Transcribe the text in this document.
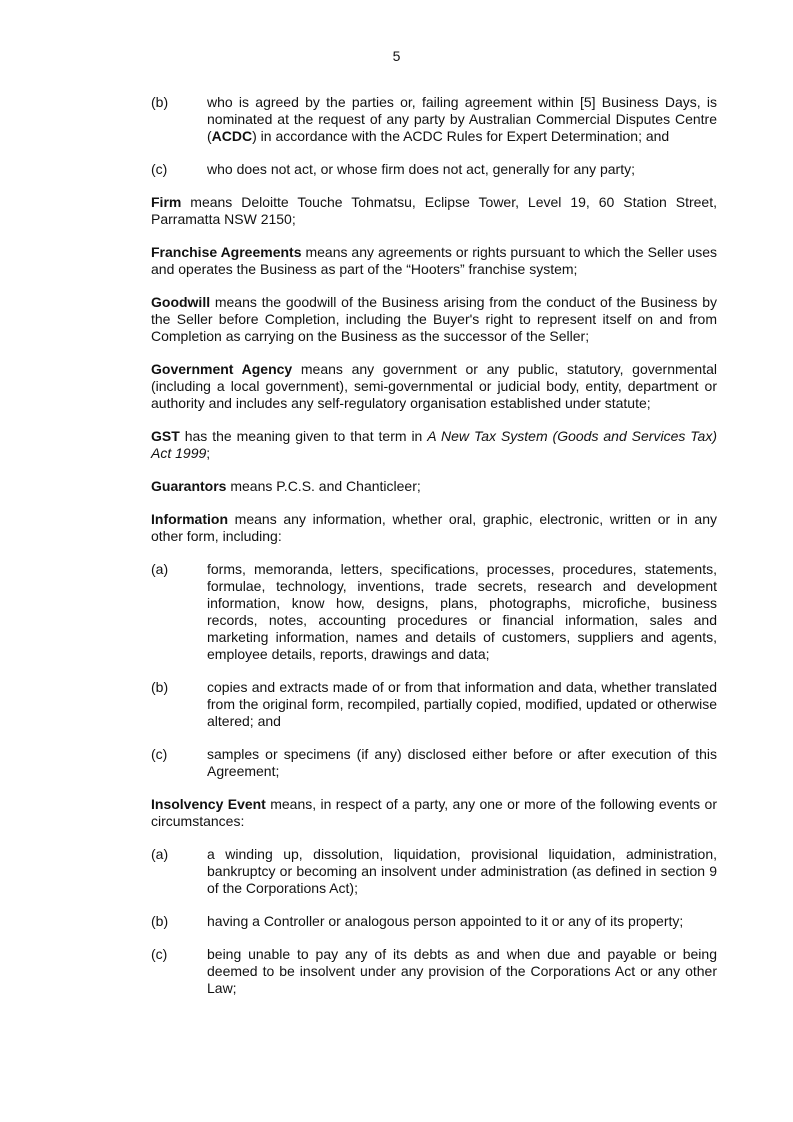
5
(b)	who is agreed by the parties or, failing agreement within [5] Business Days, is nominated at the request of any party by Australian Commercial Disputes Centre (ACDC) in accordance with the ACDC Rules for Expert Determination; and
(c)	who does not act, or whose firm does not act, generally for any party;

Firm means Deloitte Touche Tohmatsu, Eclipse Tower, Level 19, 60 Station Street, Parramatta NSW 2150;

Franchise Agreements means any agreements or rights pursuant to which the Seller uses and operates the Business as part of the “Hooters” franchise system;

Goodwill means the goodwill of the Business arising from the conduct of the Business by the Seller before Completion, including the Buyer's right to represent itself on and from Completion as carrying on the Business as the successor of the Seller;

Government Agency means any government or any public, statutory, governmental (including a local government), semi-governmental or judicial body, entity, department or authority and includes any self-regulatory organisation established under statute;

GST has the meaning given to that term in A New Tax System (Goods and Services Tax) Act 1999;

Guarantors means P.C.S. and Chanticleer;

Information means any information, whether oral, graphic, electronic, written or in any other form, including:

(a)	forms, memoranda, letters, specifications, processes, procedures, statements, formulae, technology, inventions, trade secrets, research and development information, know how, designs, plans, photographs, microfiche, business records, notes, accounting procedures or financial information, sales and marketing information, names and details of customers, suppliers and agents, employee details, reports, drawings and data;
(b)	copies and extracts made of or from that information and data, whether translated from the original form, recompiled, partially copied, modified, updated or otherwise altered; and
(c)	samples or specimens (if any) disclosed either before or after execution of this Agreement;

Insolvency Event means, in respect of a party, any one or more of the following events or circumstances:

(a)	a winding up, dissolution, liquidation, provisional liquidation, administration, bankruptcy or becoming an insolvent under administration (as defined in section 9 of the Corporations Act);
(b)	having a Controller or analogous person appointed to it or any of its property;
(c)	being unable to pay any of its debts as and when due and payable or being deemed to be insolvent under any provision of the Corporations Act or any other Law;
